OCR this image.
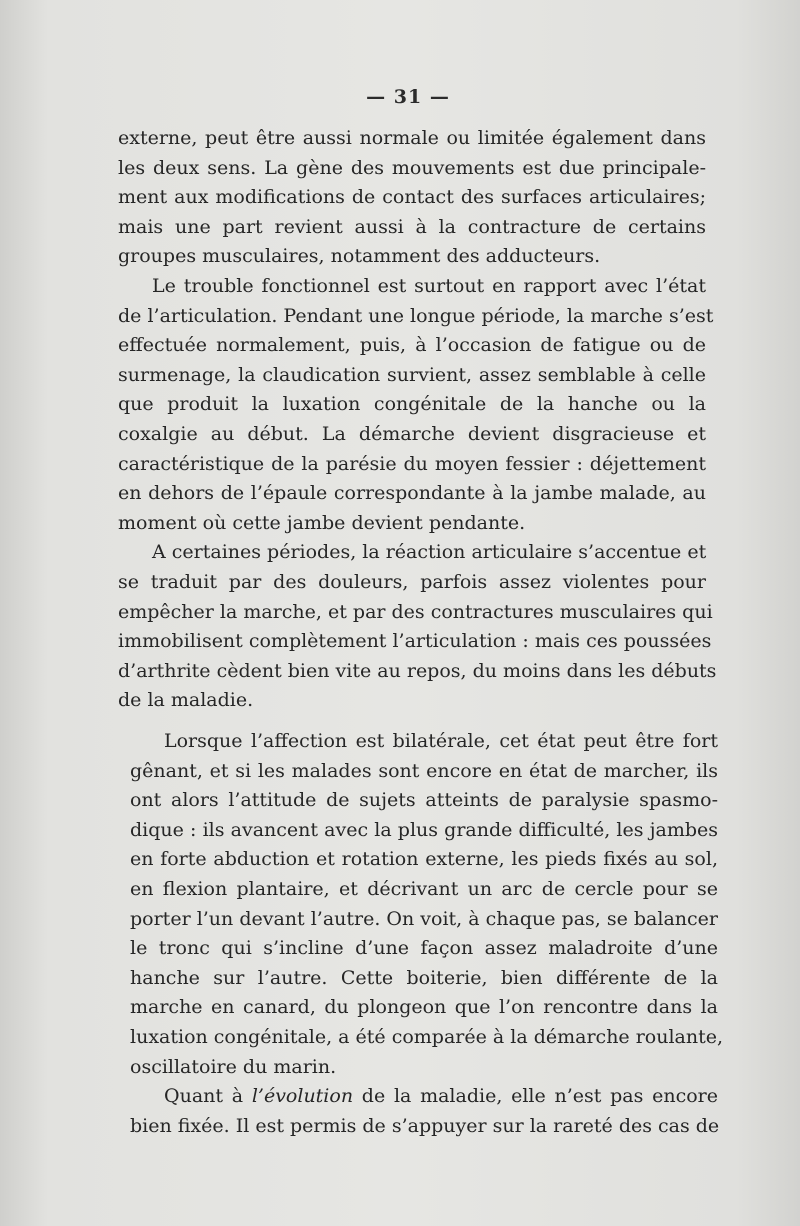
— 31 —
externe, peut être aussi normale ou limitée également dans
les deux sens. La gène des mouvements est due principale-
ment aux modifications de contact des surfaces articulaires;
mais une part revient aussi à la contracture de certains
groupes musculaires, notamment des adducteurs.
Le trouble fonctionnel est surtout en rapport avec l’état
de l’articulation. Pendant une longue période, la marche s’est
effectuée normalement, puis, à l’occasion de fatigue ou de
surmenage, la claudication survient, assez semblable à celle
que produit la luxation congénitale de la hanche ou la
coxalgie au début. La démarche devient disgracieuse et
caractéristique de la parésie du moyen fessier : déjettement
en dehors de l’épaule correspondante à la jambe malade, au
moment où cette jambe devient pendante.
A certaines périodes, la réaction articulaire s’accentue et
se traduit par des douleurs, parfois assez violentes pour
empêcher la marche, et par des contractures musculaires qui
immobilisent complètement l’articulation : mais ces poussées
d’arthrite cèdent bien vite au repos, du moins dans les débuts
de la maladie.
Lorsque l’affection est bilatérale, cet état peut être fort
gênant, et si les malades sont encore en état de marcher, ils
ont alors l’attitude de sujets atteints de paralysie spasmo-
dique : ils avancent avec la plus grande difficulté, les jambes
en forte abduction et rotation externe, les pieds fixés au sol,
en flexion plantaire, et décrivant un arc de cercle pour se
porter l’un devant l’autre. On voit, à chaque pas, se balancer
le tronc qui s’incline d’une façon assez maladroite d’une
hanche sur l’autre. Cette boiterie, bien différente de la
marche en canard, du plongeon que l’on rencontre dans la
luxation congénitale, a été comparée à la démarche roulante,
oscillatoire du marin.
Quant à l’évolution de la maladie, elle n’est pas encore
bien fixée. Il est permis de s’appuyer sur la rareté des cas de
